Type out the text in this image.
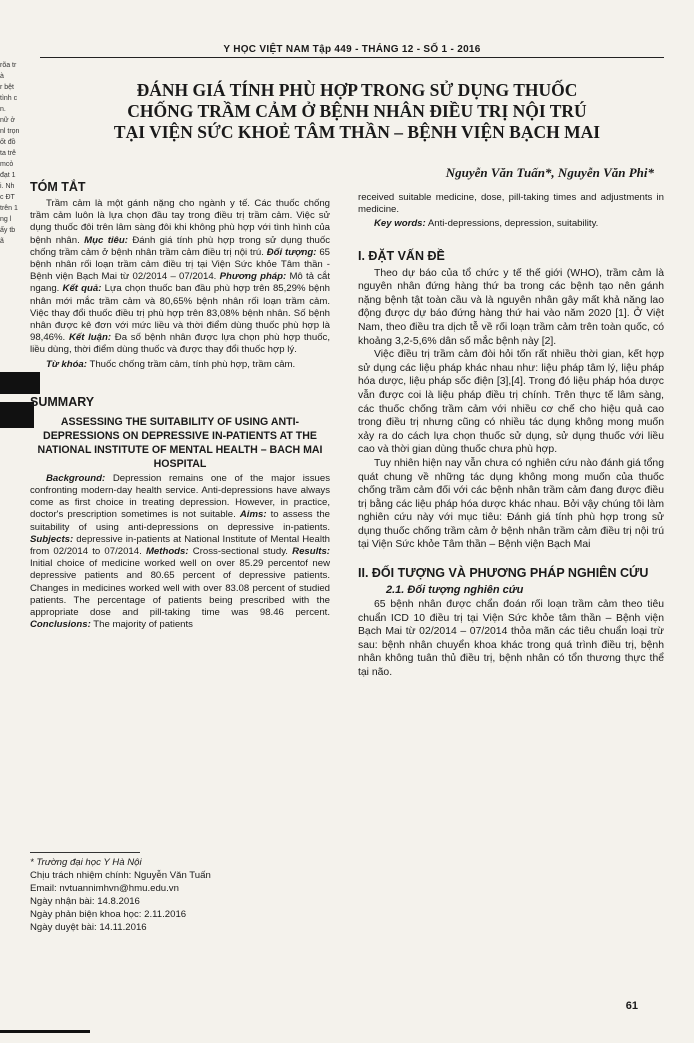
rõa tr
à
r bệt
tình c
n.
nữ ở
nl trọn
ốt đồ
ta trê
mcỏ
đạt 1
i. Nh
c ĐT
trên 1
ng l
ấy tb
ã
Y HỌC VIỆT NAM Tập 449 - THÁNG 12 - SỐ 1 - 2016
ĐÁNH GIÁ TÍNH PHÙ HỢP TRONG SỬ DỤNG THUỐC
CHỐNG TRẦM CẢM Ở BỆNH NHÂN ĐIỀU TRỊ NỘI TRÚ
TẠI VIỆN SỨC KHOẺ TÂM THẦN – BỆNH VIỆN BẠCH MAI
Nguyễn Văn Tuấn*, Nguyễn Văn Phi*
TÓM TẮT

Trầm cảm là một gánh nặng cho ngành y tế. Các thuốc chống trầm cảm luôn là lựa chọn đầu tay trong điều trị trầm cảm. Việc sử dụng thuốc đôi trên lâm sàng đôi khi không phù hợp với tình hình của bệnh nhân. Mục tiêu: Đánh giá tính phù hợp trong sử dụng thuốc chống trầm cảm ở bệnh nhân trầm cảm điều trị nội trú. Đối tượng: 65 bệnh nhân rối loạn trầm cảm điều trị tại Viện Sức khỏe Tâm thần - Bệnh viện Bạch Mai từ 02/2014 – 07/2014. Phương pháp: Mô tả cắt ngang. Kết quả: Lựa chọn thuốc ban đầu phù hợp trên 85,29% bệnh nhân mới mắc trầm cảm và 80,65% bệnh nhân rối loạn trầm cảm. Việc thay đổi thuốc điều trị phù hợp trên 83,08% bệnh nhân. Số bệnh nhân được kê đơn với mức liều và thời điểm dùng thuốc phù hợp là 98,46%. Kết luận: Đa số bệnh nhân được lựa chọn phù hợp thuốc, liều dùng, thời điểm dùng thuốc và được thay đổi thuốc hợp lý.

Từ khóa: Thuốc chống trầm cảm, tính phù hợp, trầm cảm.

SUMMARY
ASSESSING THE SUITABILITY OF USING ANTI-DEPRESSIONS ON DEPRESSIVE IN-PATIENTS AT THE NATIONAL INSTITUTE OF MENTAL HEALTH – BACH MAI HOSPITAL

Background: Depression remains one of the major issues confronting modern-day health service. Anti-depressions have always come as first choice in treating depression. However, in practice, doctor's prescription sometimes is not suitable. Aims: to assess the suitability of using anti-depressions on depressive in-patients. Subjects: depressive in-patients at National Institute of Mental Health from 02/2014 to 07/2014. Methods: Cross-sectional study. Results: Initial choice of medicine worked well on over 85.29 percentof new depressive patients and 80.65 percent of depressive patients. Changes in medicines worked well with over 83.08 percent of studied patients. The percentage of patients being prescribed with the appropriate dose and pill-taking time was 98.46 percent. Conclusions: The majority of patients

* Trường đại học Y Hà Nội
Chịu trách nhiệm chính: Nguyễn Văn Tuấn
Email: nvtuannimhvn@hmu.edu.vn
Ngày nhận bài: 14.8.2016
Ngày phản biện khoa học: 2.11.2016
Ngày duyệt bài: 14.11.2016

received suitable medicine, dose, pill-taking times and adjustments in medicine.

Key words: Anti-depressions, depression, suitability.

I. ĐẶT VẤN ĐỀ

Theo dự báo của tổ chức y tế thế giới (WHO), trầm cảm là nguyên nhân đứng hàng thứ ba trong các bệnh tạo nên gánh nặng bệnh tật toàn cầu và là nguyên nhân gây mất khả năng lao động được dự báo đứng hàng thứ hai vào năm 2020 [1]. Ở Việt Nam, theo điều tra dịch tễ về rối loạn trầm cảm trên toàn quốc, có khoảng 3,2-5,6% dân số mắc bệnh này [2].

Việc điều trị trầm cảm đòi hỏi tốn rất nhiều thời gian, kết hợp sử dụng các liệu pháp khác nhau như: liệu pháp tâm lý, liệu pháp hóa dược, liệu pháp sốc điện [3],[4]. Trong đó liệu pháp hóa dược vẫn được coi là liệu pháp điều trị chính. Trên thực tế lâm sàng, các thuốc chống trầm cảm với nhiều cơ chế cho hiệu quả cao trong điều trị nhưng cũng có nhiều tác dụng không mong muốn xảy ra do cách lựa chọn thuốc sử dụng, sử dụng thuốc với liều cao và thời gian dùng thuốc chưa phù hợp.

Tuy nhiên hiện nay vẫn chưa có nghiên cứu nào đánh giá tổng quát chung về những tác dụng không mong muốn của thuốc chống trầm cảm đối với các bệnh nhân trầm cảm đang được điều trị bằng các liệu pháp hóa dược khác nhau. Bởi vậy chúng tôi làm nghiên cứu này với mục tiêu: Đánh giá tính phù hợp trong sử dụng thuốc chống trầm cảm ở bệnh nhân trầm cảm điều trị nội trú tại Viện Sức khỏe Tâm thần – Bệnh viện Bạch Mai

II. ĐỐI TƯỢNG VÀ PHƯƠNG PHÁP NGHIÊN CỨU
2.1. Đối tượng nghiên cứu

65 bệnh nhân được chẩn đoán rối loạn trầm cảm theo tiêu chuẩn ICD 10 điều trị tại Viện Sức khỏe tâm thần – Bệnh viện Bạch Mai từ 02/2014 – 07/2014 thỏa mãn các tiêu chuẩn loại trừ sau: bệnh nhân chuyển khoa khác trong quá trình điều trị, bệnh nhân không tuân thủ điều trị, bệnh nhân có tổn thương thực thể tại não.

61
